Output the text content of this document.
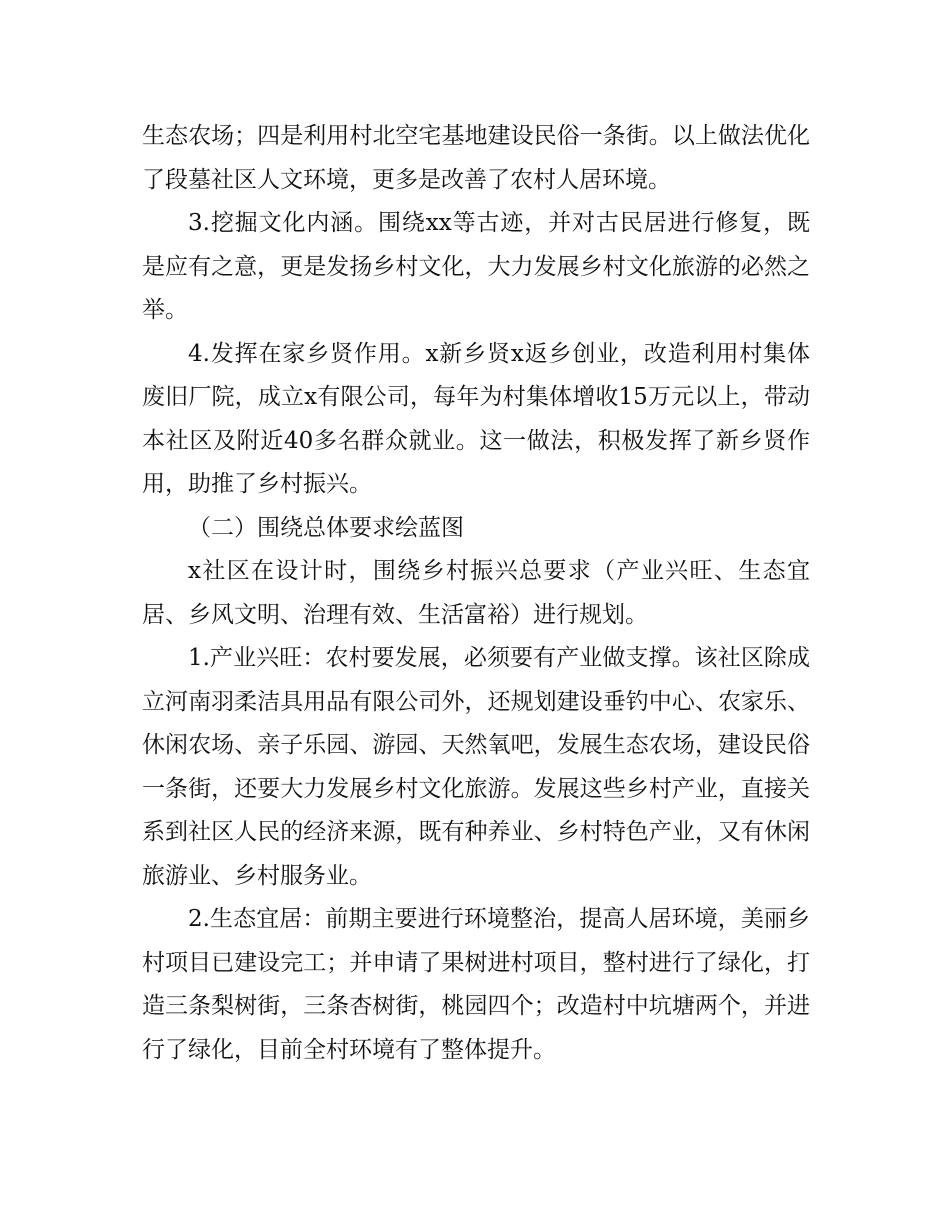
生态农场；四是利用村北空宅基地建设民俗一条街。以上做法优化了段墓社区人文环境，更多是改善了农村人居环境。

3.挖掘文化内涵。围绕xx等古迹，并对古民居进行修复，既是应有之意，更是发扬乡村文化，大力发展乡村文化旅游的必然之举。

4.发挥在家乡贤作用。x新乡贤x返乡创业，改造利用村集体废旧厂院，成立x有限公司，每年为村集体增收15万元以上，带动本社区及附近40多名群众就业。这一做法，积极发挥了新乡贤作用，助推了乡村振兴。

（二）围绕总体要求绘蓝图

x社区在设计时，围绕乡村振兴总要求（产业兴旺、生态宜居、乡风文明、治理有效、生活富裕）进行规划。

1.产业兴旺：农村要发展，必须要有产业做支撑。该社区除成立河南羽柔洁具用品有限公司外，还规划建设垂钓中心、农家乐、休闲农场、亲子乐园、游园、天然氧吧，发展生态农场，建设民俗一条街，还要大力发展乡村文化旅游。发展这些乡村产业，直接关系到社区人民的经济来源，既有种养业、乡村特色产业，又有休闲旅游业、乡村服务业。

2.生态宜居：前期主要进行环境整治，提高人居环境，美丽乡村项目已建设完工；并申请了果树进村项目，整村进行了绿化，打造三条梨树街，三条杏树街，桃园四个；改造村中坑塘两个，并进行了绿化，目前全村环境有了整体提升。
